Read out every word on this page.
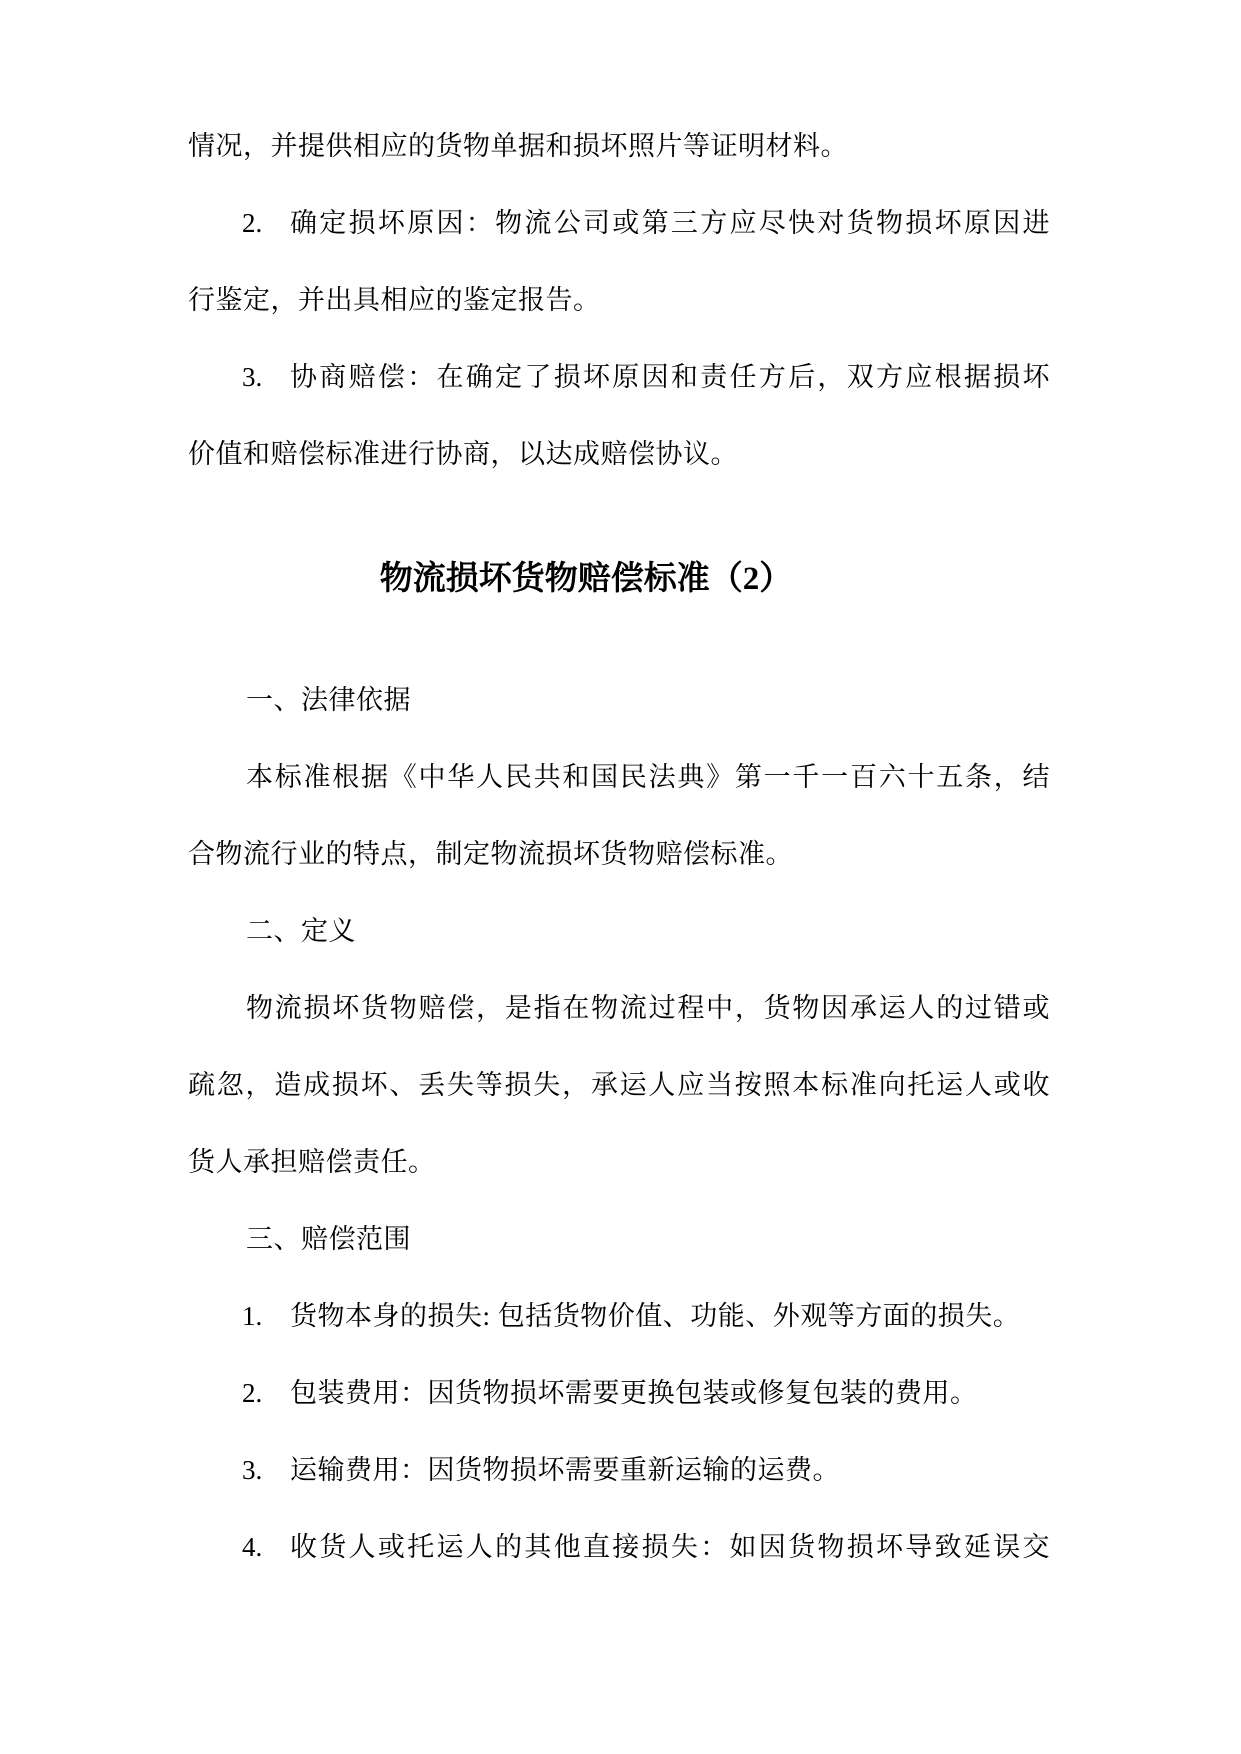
情况，并提供相应的货物单据和损坏照片等证明材料。
2. 确定损坏原因：物流公司或第三方应尽快对货物损坏原因进
行鉴定，并出具相应的鉴定报告。
3. 协商赔偿：在确定了损坏原因和责任方后，双方应根据损坏
价值和赔偿标准进行协商，以达成赔偿协议。
物流损坏货物赔偿标准（2）
一、法律依据
本标准根据《中华人民共和国民法典》第一千一百六十五条，结
合物流行业的特点，制定物流损坏货物赔偿标准。
二、定义
物流损坏货物赔偿，是指在物流过程中，货物因承运人的过错或
疏忽，造成损坏、丢失等损失，承运人应当按照本标准向托运人或收
货人承担赔偿责任。
三、赔偿范围
1. 货物本身的损失: 包括货物价值、功能、外观等方面的损失。
2. 包装费用：因货物损坏需要更换包装或修复包装的费用。
3. 运输费用：因货物损坏需要重新运输的运费。
4. 收货人或托运人的其他直接损失：如因货物损坏导致延误交
